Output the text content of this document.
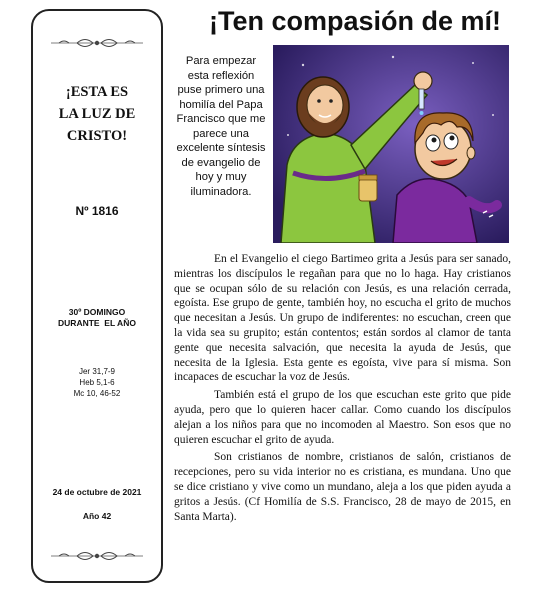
¡ESTA ES
LA LUZ DE
CRISTO!
Nº 1816
30º DOMINGO
DURANTE  EL AÑO
Jer 31,7-9
Heb 5,1-6
Mc 10, 46-52
24 de octubre de 2021
Año 42
¡Ten compasión de mí!
Para empezar esta reflexión puse primero una homilía del Papa Francisco que me parece una excelente síntesis de evangelio de hoy y muy iluminadora.

En el Evangelio el ciego Bartimeo grita a Jesús para ser sanado, mientras los discípulos le regañan para que no lo haga. Hay cristianos que se ocupan sólo de su relación con Jesús, es una relación cerrada, egoísta. Ese grupo de gente, también hoy, no escucha el grito de muchos que necesitan a Jesús. Un grupo de indiferentes: no escuchan, creen que la vida sea su grupito; están contentos; están sordos al clamor de tanta gente que necesita salvación, que necesita la ayuda de Jesús, que necesita de la Iglesia. Esta gente es egoísta, vive para sí misma. Son incapaces de escuchar la voz de Jesús.

También está el grupo de los que escuchan este grito que pide ayuda, pero que lo quieren hacer callar. Como cuando los discípulos alejan a los niños para que no incomoden al Maestro. Son esos que no quieren escuchar el grito de ayuda.

Son cristianos de nombre, cristianos de salón, cristianos de recepciones, pero su vida interior no es cristiana, es mundana. Uno que se dice cristiano y vive como un mundano, aleja a los que piden ayuda a gritos a Jesús. (Cf Homilía de S.S. Francisco, 28 de mayo de 2015, en Santa Marta).
